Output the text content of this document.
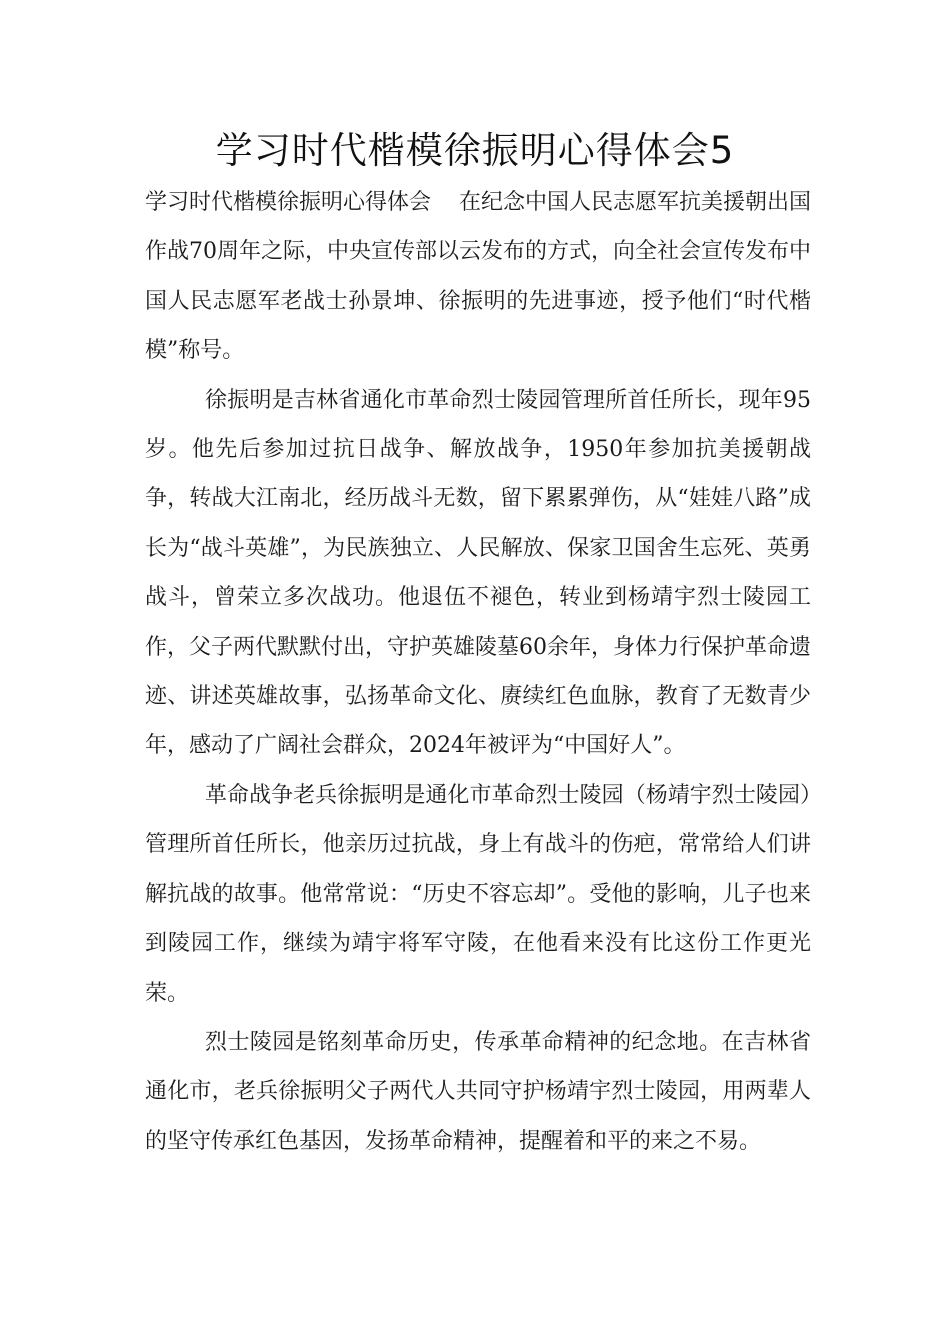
学习时代楷模徐振明心得体会5

学习时代楷模徐振明心得体会    在纪念中国人民志愿军抗美援朝出国作战70周年之际，中央宣传部以云发布的方式，向全社会宣传发布中国人民志愿军老战士孙景坤、徐振明的先进事迹，授予他们“时代楷模”称号。

徐振明是吉林省通化市革命烈士陵园管理所首任所长，现年95岁。他先后参加过抗日战争、解放战争，1950年参加抗美援朝战争，转战大江南北，经历战斗无数，留下累累弹伤，从“娃娃八路”成长为“战斗英雄”，为民族独立、人民解放、保家卫国舍生忘死、英勇战斗，曾荣立多次战功。他退伍不褪色，转业到杨靖宇烈士陵园工作，父子两代默默付出，守护英雄陵墓60余年，身体力行保护革命遗迹、讲述英雄故事，弘扬革命文化、赓续红色血脉，教育了无数青少年，感动了广阔社会群众，2024年被评为“中国好人”。

革命战争老兵徐振明是通化市革命烈士陵园（杨靖宇烈士陵园）管理所首任所长，他亲历过抗战，身上有战斗的伤疤，常常给人们讲解抗战的故事。他常常说：“历史不容忘却”。受他的影响，儿子也来到陵园工作，继续为靖宇将军守陵，在他看来没有比这份工作更光荣。

烈士陵园是铭刻革命历史，传承革命精神的纪念地。在吉林省通化市，老兵徐振明父子两代人共同守护杨靖宇烈士陵园，用两辈人的坚守传承红色基因，发扬革命精神，提醒着和平的来之不易。
